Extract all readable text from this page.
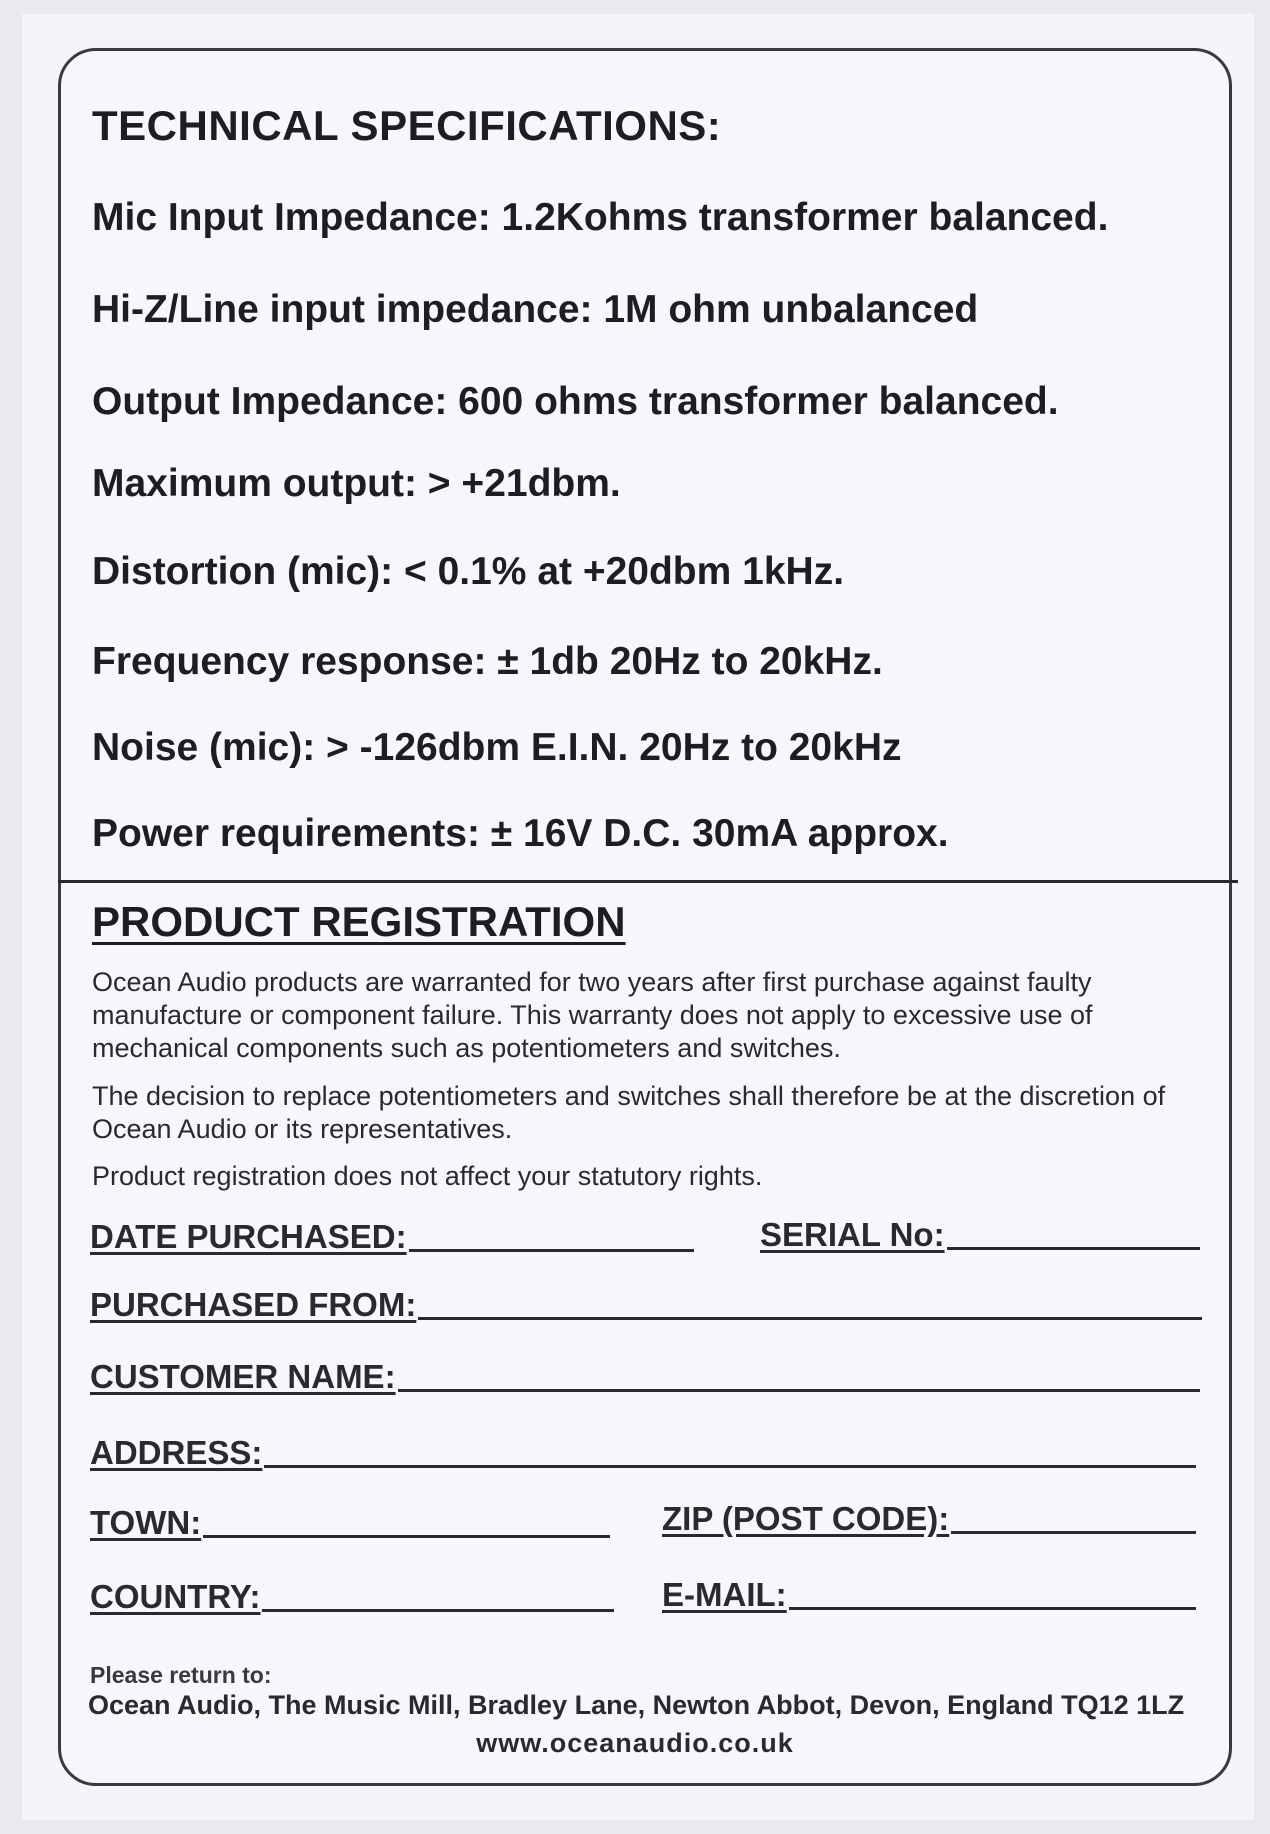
TECHNICAL SPECIFICATIONS:
Mic Input Impedance: 1.2Kohms transformer balanced.
Hi-Z/Line input impedance: 1M ohm unbalanced
Output Impedance: 600 ohms transformer balanced.
Maximum output: > +21dbm.
Distortion (mic): < 0.1% at +20dbm 1kHz.
Frequency response: ± 1db 20Hz to 20kHz.
Noise (mic): > -126dbm E.I.N. 20Hz to 20kHz
Power requirements: ± 16V D.C. 30mA approx.
PRODUCT REGISTRATION

Ocean Audio products are warranted for two years after first purchase against faulty manufacture or component failure. This warranty does not apply to excessive use of mechanical components such as potentiometers and switches.

The decision to replace potentiometers and switches shall therefore be at the discretion of Ocean Audio or its representatives.

Product registration does not affect your statutory rights.

DATE PURCHASED:	SERIAL No:
PURCHASED FROM:
CUSTOMER NAME:
ADDRESS:
TOWN:	ZIP (POST CODE):
COUNTRY:	E-MAIL:
Please return to:
Ocean Audio, The Music Mill, Bradley Lane, Newton Abbot, Devon, England TQ12 1LZ
www.oceanaudio.co.uk
